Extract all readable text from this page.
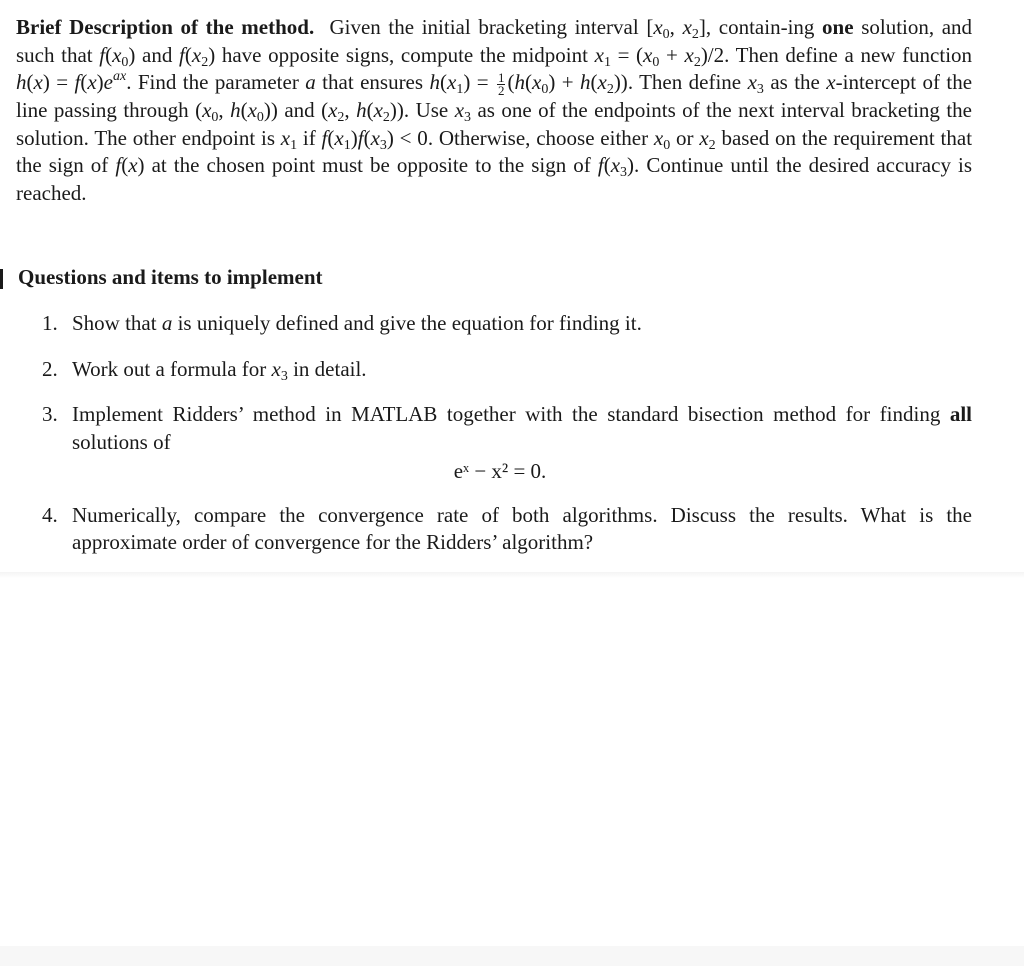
Brief Description of the method. Given the initial bracketing interval [$x_0$, $x_2$], contain-ing one solution, and such that $f(x_0)$ and $f(x_2)$ have opposite signs, compute the midpoint $x_1 = (x_0 + x_2)/2$. Then define a new function $h(x) = f(x)e^{ax}$. Find the parameter a that ensures $h(x_1) = \frac{1}{2} (h(x_0) + h(x_2))$. Then define $x_3$ as the x-intercept of the line passing through ($x_0$, $h(x_0)$) and ($x_2$, $h(x_2)$). Use $x_3$ as one of the endpoints of the next interval bracketing the solution. The other endpoint is $x_1$ if $f(x_1)f(x_3) < 0$. Otherwise, choose either $x_0$ or $x_2$ based on the requirement that the sign of f(x) at the chosen point must be opposite to the sign of $f(x_3)$. Continue until the desired accuracy is reached.
Questions and items to implement
1. Show that a is uniquely defined and give the equation for finding it.
2. Work out a formula for $x_3$ in detail.
3. Implement Ridders’ method in MATLAB together with the standard bisection method for finding all solutions of
eˣ − x² = 0.
4. Numerically, compare the convergence rate of both algorithms. Discuss the results. What is the approximate order of convergence for the Ridders’ algorithm?
